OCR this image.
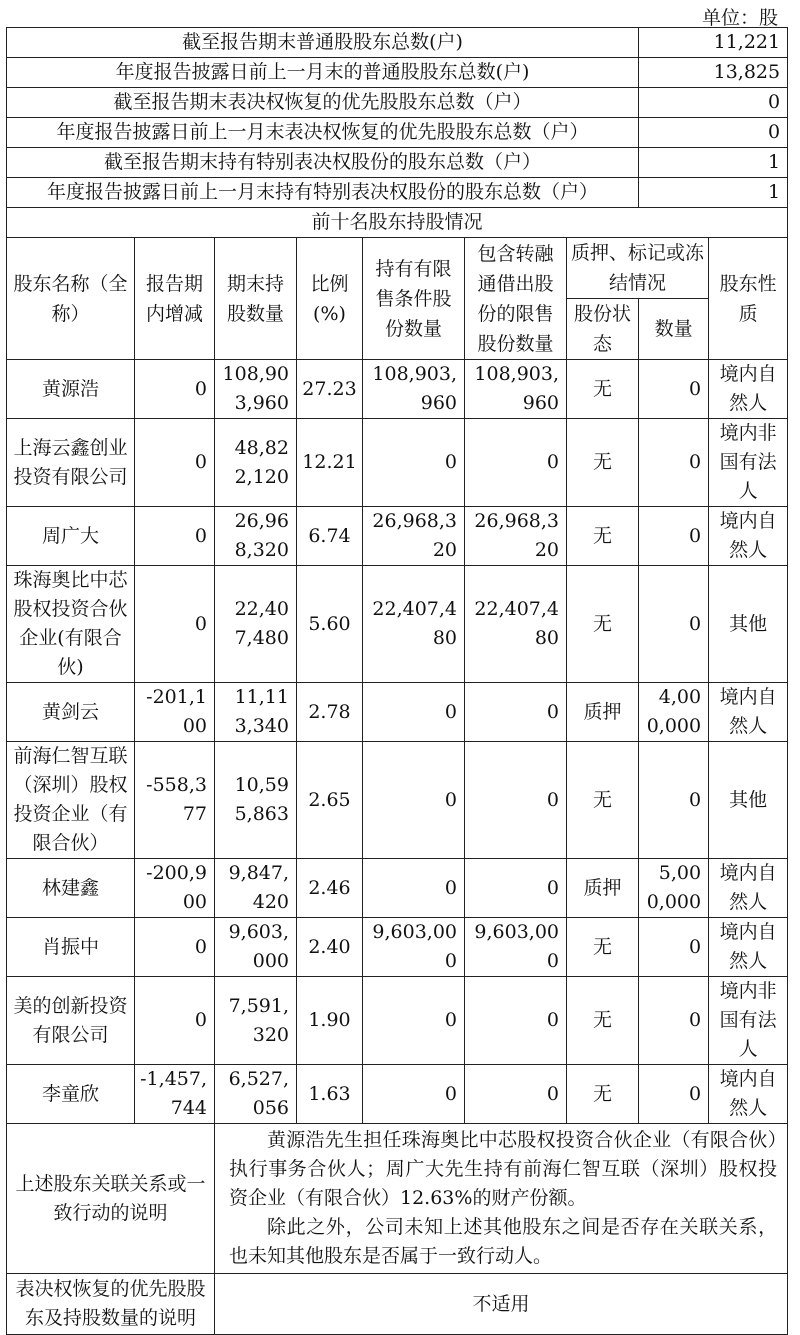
单位：股
截至报告期末普通股股东总数(户)							11,221	
年度报告披露日前上一月末的普通股股东总数(户)							13,825	
截至报告期末表决权恢复的优先股股东总数（户）							0	
年度报告披露日前上一月末表决权恢复的优先股股东总数（户）							0	
截至报告期末持有特别表决权股份的股东总数（户）							1	
年度报告披露日前上一月末持有特别表决权股份的股东总数（户）							1	
前十名股东持股情况								
股东名称（全称）	报告期内增减	期末持股数量	比例(%)	持有有限售条件股份数量	包含转融通借出股份的限售股份数量	质押、标记或冻结情况		股东性质
						股份状态	数量	
黄源浩	0	108,903,960	27.23	108,903,960	108,903,960	无	0	境内自然人
上海云鑫创业投资有限公司	0	48,822,120	12.21	0	0	无	0	境内非国有法人
周广大	0	26,968,320	6.74	26,968,320	26,968,320	无	0	境内自然人
珠海奥比中芯股权投资合伙企业(有限合伙)	0	22,407,480	5.60	22,407,480	22,407,480	无	0	其他
黄剑云	-201,100	11,113,340	2.78	0	0	质押	4,000,000	境内自然人
前海仁智互联（深圳）股权投资企业（有限合伙）	-558,377	10,595,863	2.65	0	0	无	0	其他
林建鑫	-200,900	9,847,420	2.46	0	0	质押	5,000,000	境内自然人
肖振中	0	9,603,000	2.40	9,603,000	9,603,000	无	0	境内自然人
美的创新投资有限公司	0	7,591,320	1.90	0	0	无	0	境内非国有法人
李童欣	-1,457,744	6,527,056	1.63	0	0	无	0	境内自然人
上述股东关联关系或一致行动的说明		黄源浩先生担任珠海奥比中芯股权投资合伙企业（有限合伙）执行事务合伙人；周广大先生持有前海仁智互联（深圳）股权投资企业（有限合伙）12.63%的财产份额。

除此之外，公司未知上述其他股东之间是否存在关联关系，也未知其他股东是否属于一致行动人。						

表决权恢复的优先股股东及持股数量的说明		不适用						
